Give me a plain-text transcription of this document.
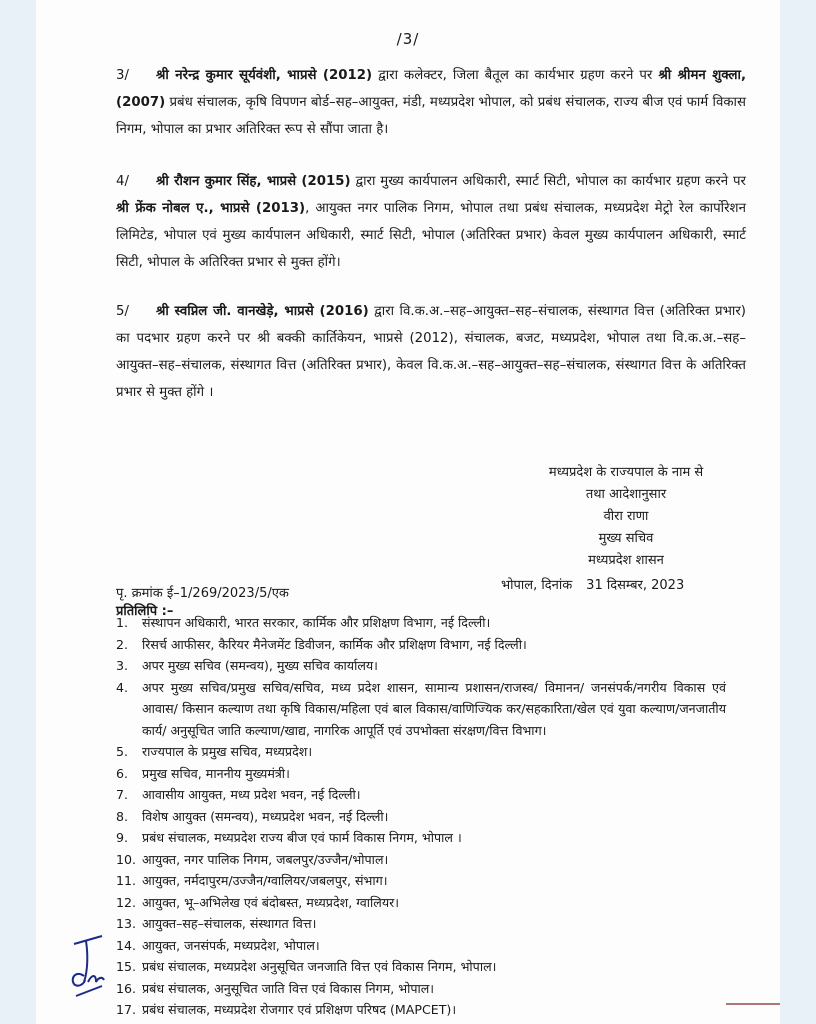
/3/
3/ श्री नरेन्द्र कुमार सूर्यवंशी, भाप्रसे (2012) द्वारा कलेक्टर, जिला बैतूल का कार्यभार ग्रहण करने पर श्री श्रीमन शुक्ला, (2007) प्रबंध संचालक, कृषि विपणन बोर्ड–सह–आयुक्त, मंडी, मध्यप्रदेश भोपाल, को प्रबंध संचालक, राज्य बीज एवं फार्म विकास निगम, भोपाल का प्रभार अतिरिक्त रूप से सौंपा जाता है।
4/ श्री रौशन कुमार सिंह, भाप्रसे (2015) द्वारा मुख्य कार्यपालन अधिकारी, स्मार्ट सिटी, भोपाल का कार्यभार ग्रहण करने पर श्री फ्रेंक नोबल ए., भाप्रसे (2013), आयुक्त नगर पालिक निगम, भोपाल तथा प्रबंध संचालक, मध्यप्रदेश मेट्रो रेल कार्पोरेशन लिमिटेड, भोपाल एवं मुख्य कार्यपालन अधिकारी, स्मार्ट सिटी, भोपाल (अतिरिक्त प्रभार) केवल मुख्य कार्यपालन अधिकारी, स्मार्ट सिटी, भोपाल के अतिरिक्त प्रभार से मुक्त होंगे।
5/ श्री स्वप्निल जी. वानखेड़े, भाप्रसे (2016) द्वारा वि.क.अ.–सह–आयुक्त–सह–संचालक, संस्थागत वित्त (अतिरिक्त प्रभार) का पदभार ग्रहण करने पर श्री बक्की कार्तिकेयन, भाप्रसे (2012), संचालक, बजट, मध्यप्रदेश, भोपाल तथा वि.क.अ.–सह–आयुक्त–सह–संचालक, संस्थागत वित्त (अतिरिक्त प्रभार), केवल वि.क.अ.–सह–आयुक्त–सह–संचालक, संस्थागत वित्त के अतिरिक्त प्रभार से मुक्त होंगे ।
मध्यप्रदेश के राज्यपाल के नाम से
तथा आदेशानुसार
वीरा राणा
मुख्य सचिव
मध्यप्रदेश शासन
भोपाल, दिनांक 31 दिसम्बर, 2023
पृ. क्रमांक ई–1/269/2023/5/एक
प्रतिलिपि :–
1.	संस्थापन अधिकारी, भारत सरकार, कार्मिक और प्रशिक्षण विभाग, नई दिल्ली।
2.	रिसर्च आफीसर, कैरियर मैनेजमेंट डिवीजन, कार्मिक और प्रशिक्षण विभाग, नई दिल्ली।
3.	अपर मुख्य सचिव (समन्वय), मुख्य सचिव कार्यालय।
4.	अपर मुख्य सचिव/प्रमुख सचिव/सचिव, मध्य प्रदेश शासन, सामान्य प्रशासन/राजस्व/ विमानन/ जनसंपर्क/नगरीय विकास एवं आवास/ किसान कल्याण तथा कृषि विकास/महिला एवं बाल विकास/वाणिज्यिक कर/सहकारिता/खेल एवं युवा कल्याण/जनजातीय कार्य/ अनुसूचित जाति कल्याण/खाद्य, नागरिक आपूर्ति एवं उपभोक्ता संरक्षण/वित्त विभाग।
5.	राज्यपाल के प्रमुख सचिव, मध्यप्रदेश।
6.	प्रमुख सचिव, माननीय मुख्यमंत्री।
7.	आवासीय आयुक्त, मध्य प्रदेश भवन, नई दिल्ली।
8.	विशेष आयुक्त (समन्वय), मध्यप्रदेश भवन, नई दिल्ली।
9.	प्रबंध संचालक, मध्यप्रदेश राज्य बीज एवं फार्म विकास निगम, भोपाल ।
10. आयुक्त, नगर पालिक निगम, जबलपुर/उज्जैन/भोपाल।
11. आयुक्त, नर्मदापुरम/उज्जैन/ग्वालियर/जबलपुर, संभाग।
12. आयुक्त, भू–अभिलेख एवं बंदोबस्त, मध्यप्रदेश, ग्वालियर।
13. आयुक्त–सह–संचालक, संस्थागत वित्त।
14. आयुक्त, जनसंपर्क, मध्यप्रदेश, भोपाल।
15. प्रबंध संचालक, मध्यप्रदेश अनुसूचित जनजाति वित्त एवं विकास निगम, भोपाल।
16. प्रबंध संचालक, अनुसूचित जाति वित्त एवं विकास निगम, भोपाल।
17. प्रबंध संचालक, मध्यप्रदेश रोजगार एवं प्रशिक्षण परिषद (MAPCET)।
